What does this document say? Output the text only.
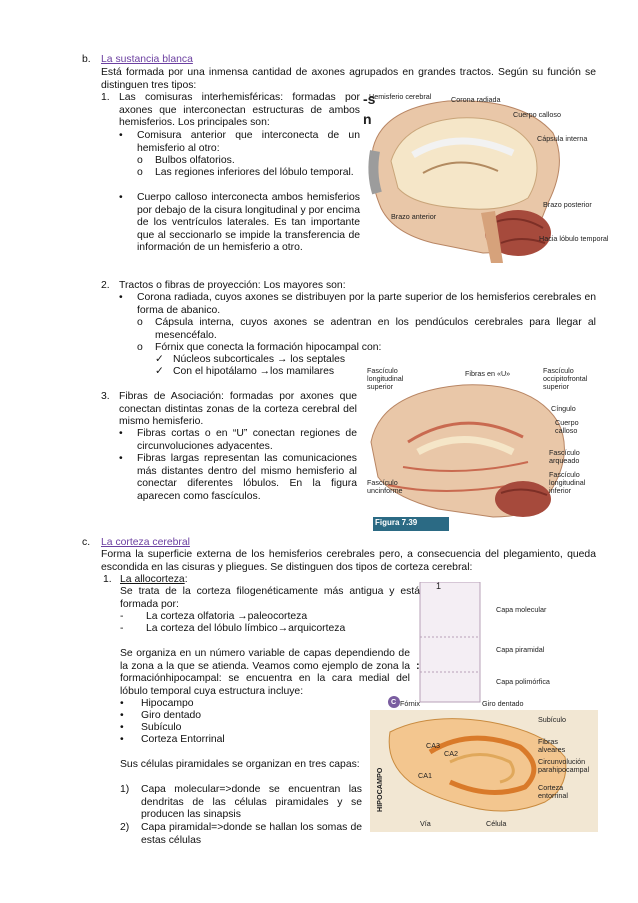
b. La sustancia blanca

Está formada por una inmensa cantidad de axones agrupados en grandes tractos. Según su función se distinguen tres tipos:

1. Las comisuras interhemisféricas: formadas por axones que interconectan estructuras de ambos hemisferios. Los principales son:

• Comisura anterior que interconecta de un hemisferio al otro:

o Bulbos olfatorios.

o Las regiones inferiores del lóbulo temporal.

• Cuerpo calloso interconecta ambos hemisferios por debajo de la cisura longitudinal y por encima de los ventrículos laterales. Es tan importante que al seccionarlo se impide la transferencia de información de un hemisferio a otro.

2. Tractos o fibras de proyección: Los mayores son:

• Corona radiada, cuyos axones se distribuyen por la parte superior de los hemisferios cerebrales en forma de abanico.

o Cápsula interna, cuyos axones se adentran en los pendúculos cerebrales para llegar al mesencéfalo.

o Fórnix que conecta la formación hipocampal con:

✓ Núcleos subcorticales → los septales

✓ Con el hipotálamo →los mamilares

3. Fibras de Asociación: formadas por axones que conectan distintas zonas de la corteza cerebral del mismo hemisferio.

• Fibras cortas o en “U” conectan regiones de circunvoluciones adyacentes.

• Fibras largas representan las comunicaciones más distantes dentro del mismo hemisferio al conectar diferentes lóbulos. En la figura aparecen como fascículos.

Hemisferio cerebral	Corona radiada
Cuerpo calloso
Cápsula interna
Brazo posterior
Brazo anterior
Hacia lóbulo temporal
-s
n
Fascículo longitudinal superior
Fibras en «U»	Fascículo occipitofrontal superior
Cíngulo
Cuerpo calloso
Fascículo arqueado
Fascículo uncinforme
Fascículo longitudinal inferior
Figura 7.39
c. La corteza cerebral

Forma la superficie externa de los hemisferios cerebrales pero, a consecuencia del plegamiento, queda escondida en las cisuras y pliegues. Se distinguen dos tipos de corteza cerebral:

1. La allocorteza:

Se trata de la corteza filogenéticamente más antigua y está formada por:

- La corteza olfatoria →paleocorteza

- La corteza del lóbulo límbico→arquicorteza

Se organiza en un número variable de capas dependiendo de la zona a la que se atienda. Veamos como ejemplo de zona la formaciónhipocampal: se encuentra en la cara medial del lóbulo temporal cuya estructura incluye:

• Hipocampo

• Giro dentado

• Subículo

• Corteza Entorrinal

Sus células piramidales se organizan en tres capas:

1) Capa molecular=>donde se encuentran las dendritas de las células piramidales y se producen las sinapsis

2) Capa piramidal=>donde se hallan los somas de estas células

1
Capa molecular
Capa piramidal
Capa polimórfica
:
C Fórnix	Giro dentado
Subículo
Fibras alveares
Circunvolución parahipocampal
Corteza entorrinal
Vía	Célula
CA3
CA2
CA1
HIPOCAMPO
